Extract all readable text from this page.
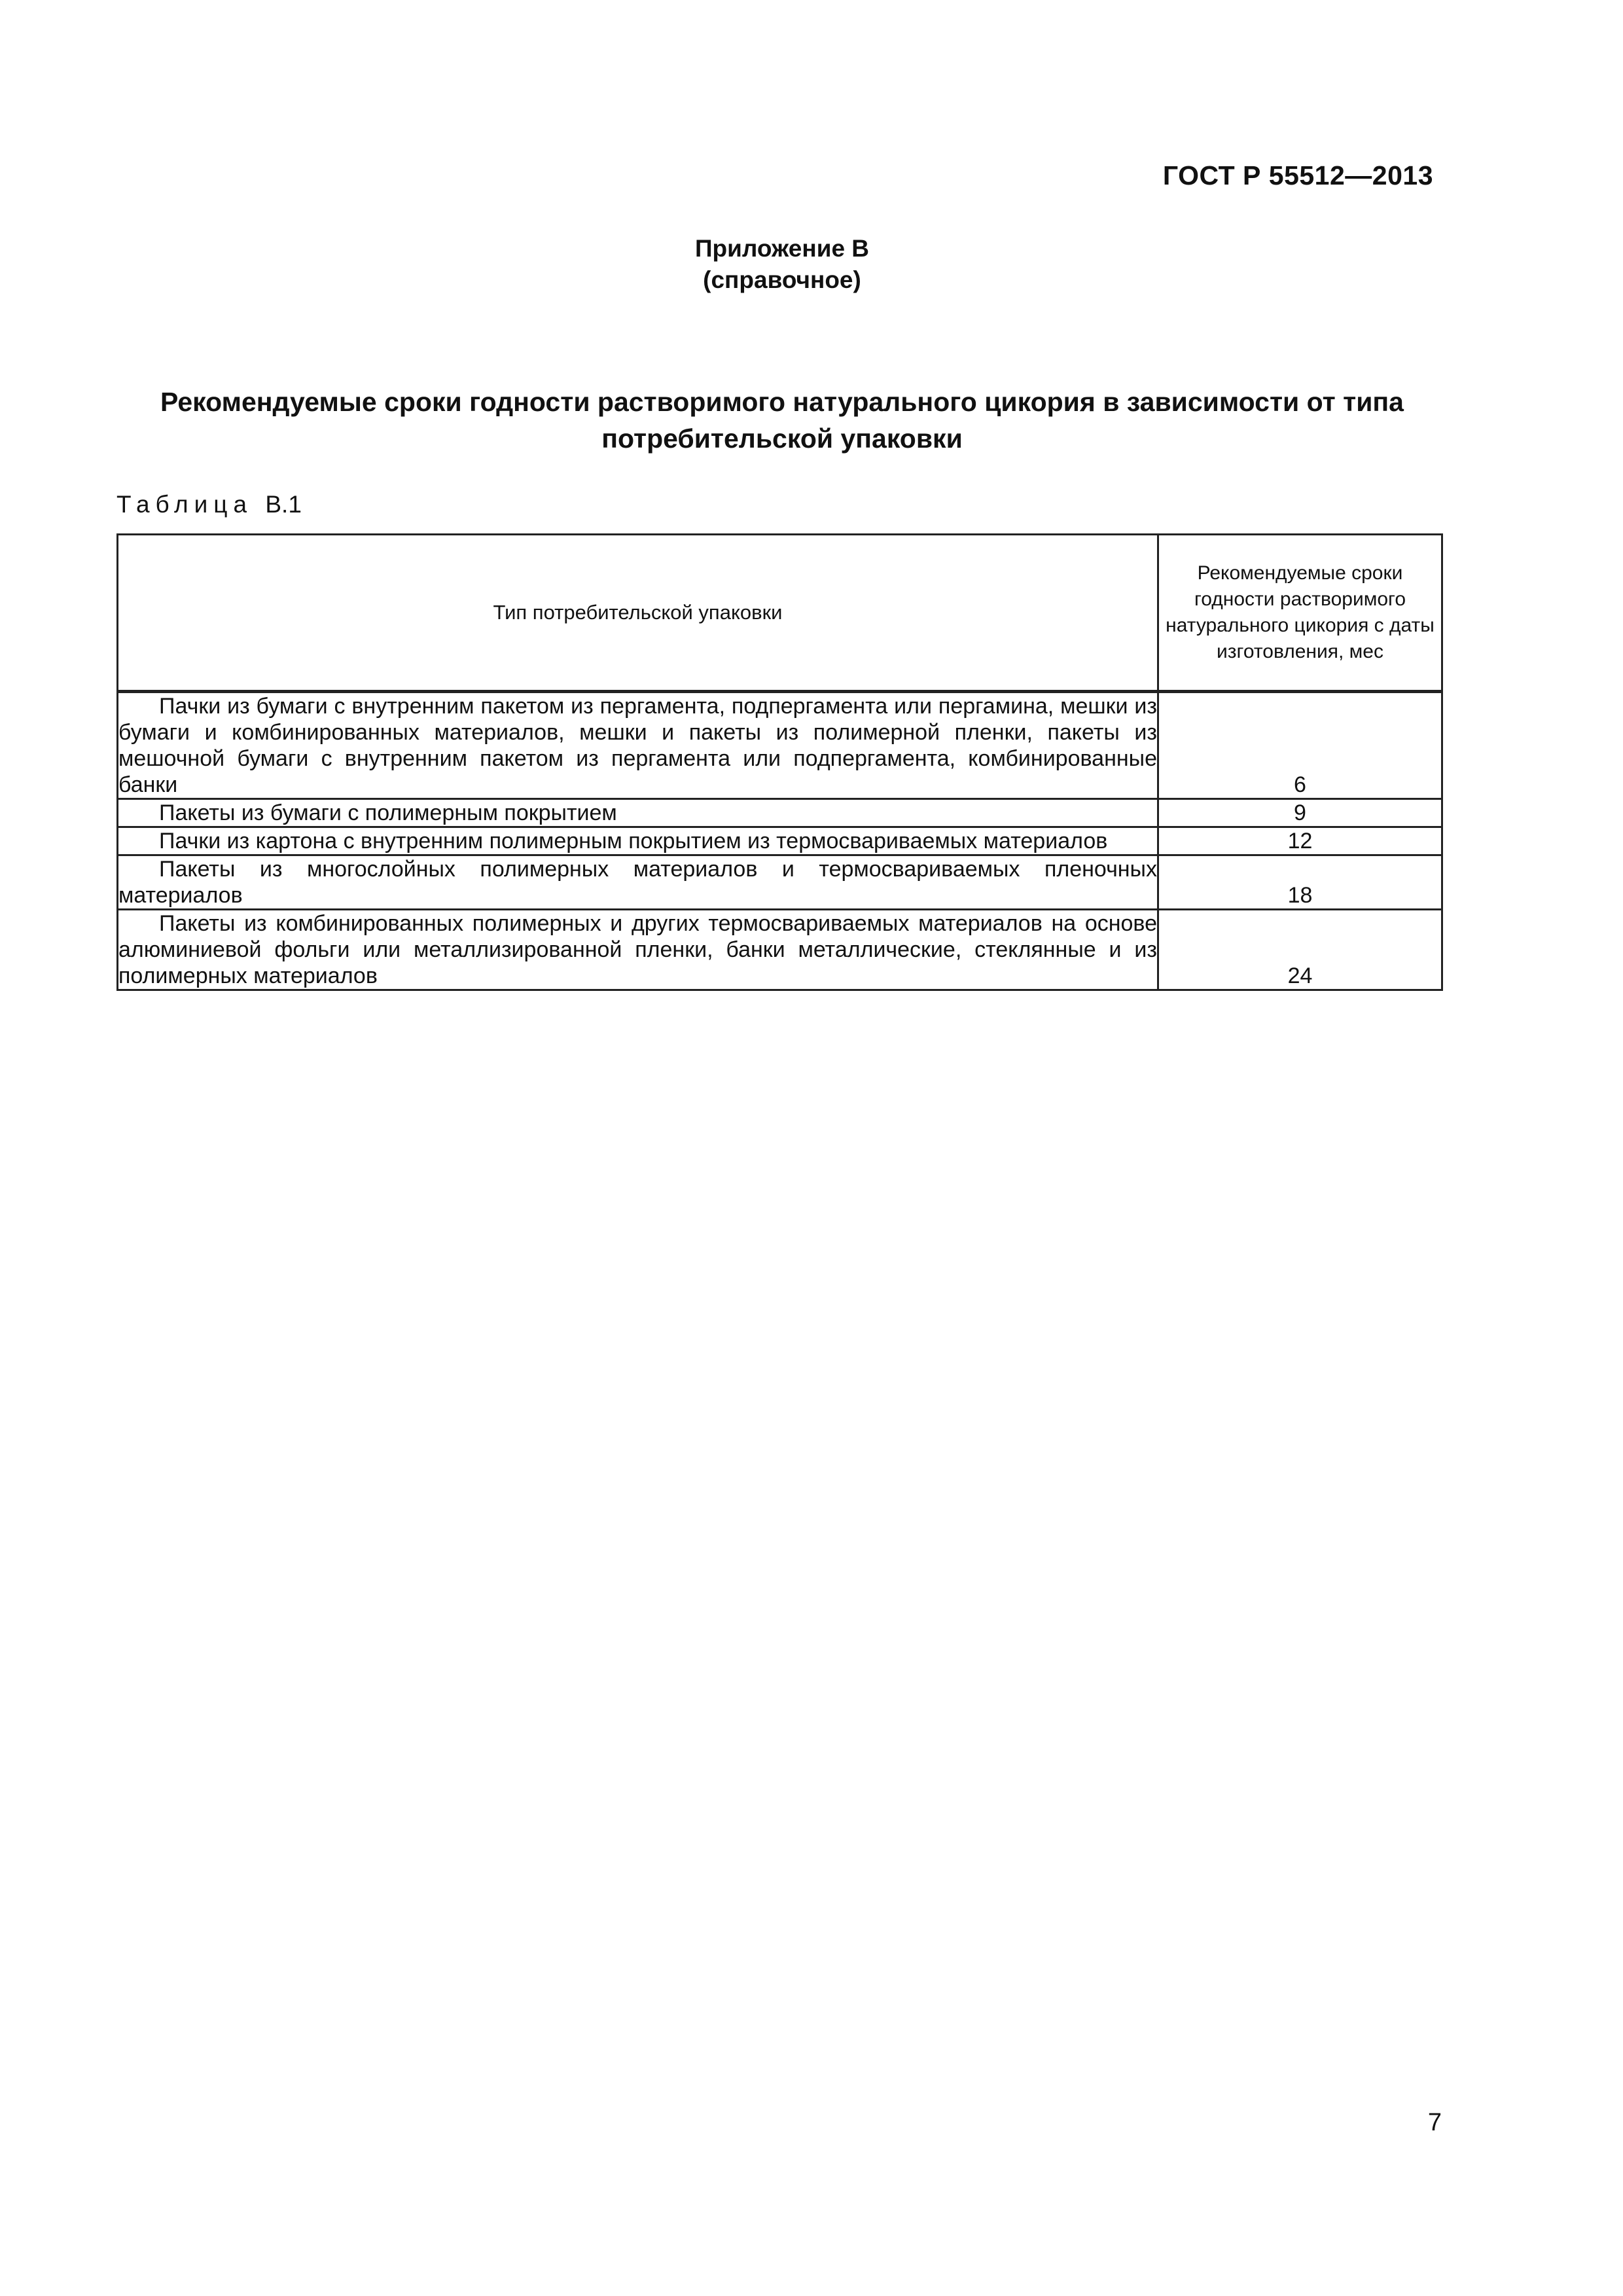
ГОСТ Р 55512—2013
Приложение В
(справочное)
Рекомендуемые сроки годности растворимого натурального цикория в зависимости от типа потребительской упаковки
Таблица В.1
Тип потребительской упаковки	Рекомендуемые сроки годности растворимого натурального цикория с даты изготовления, мес
Пачки из бумаги с внутренним пакетом из пергамента, подпергамента или пергамина, мешки из бумаги и комбинированных материалов, мешки и пакеты из полимерной пленки, пакеты из мешочной бумаги с внутренним пакетом из пергамента или подпергамента, комбинированные банки	6
Пакеты из бумаги с полимерным покрытием	9
Пачки из картона с внутренним полимерным покрытием из термосвариваемых материалов	12
Пакеты из многослойных полимерных материалов и термосвариваемых пленочных материалов	18
Пакеты из комбинированных полимерных и других термосвариваемых материалов на основе алюминиевой фольги или металлизированной пленки, банки металлические, стеклянные и из полимерных материалов	24
7
